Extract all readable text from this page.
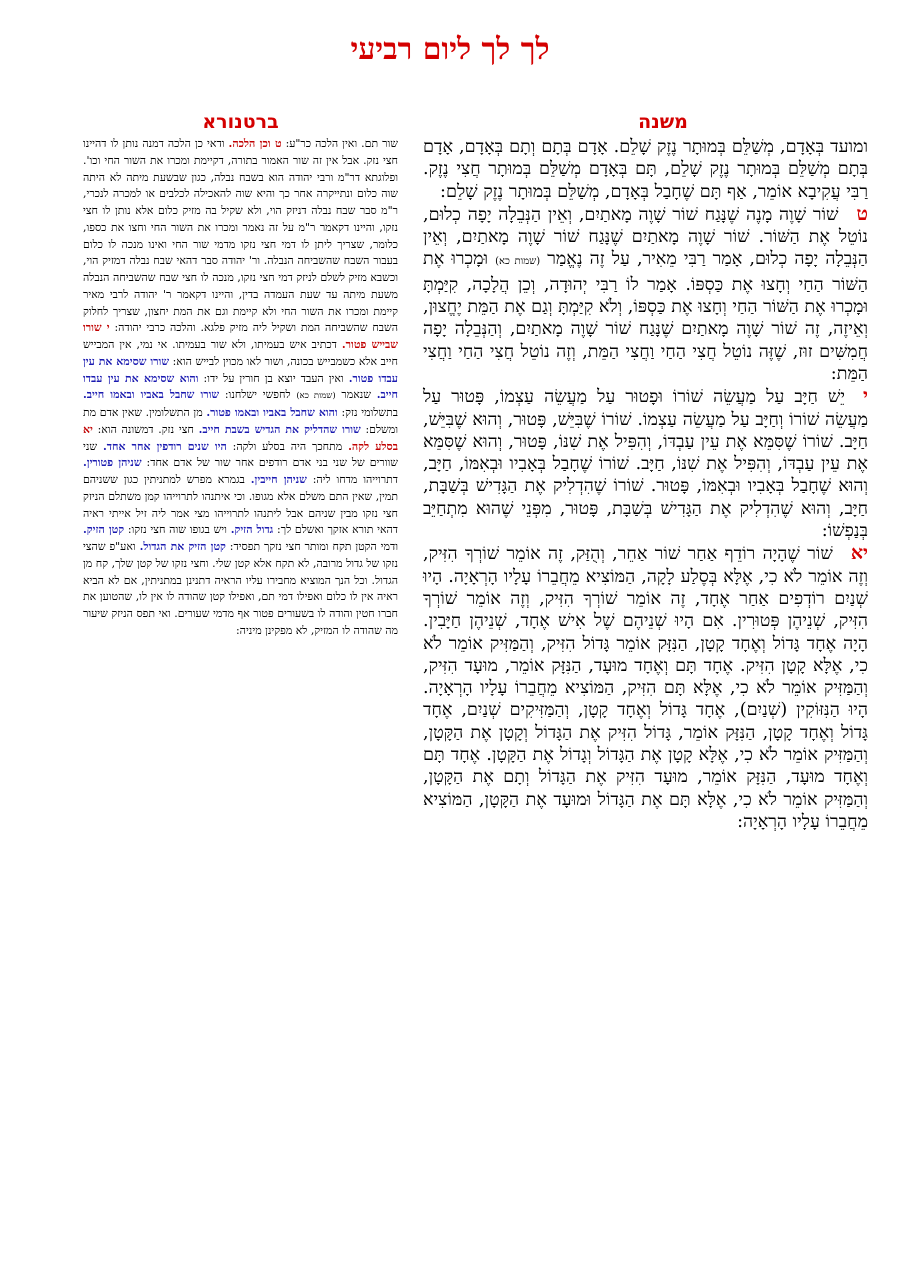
לך לך ליום רביעי
משנה
ברטנורא

שור תם. ואין הלכה כר"ע: ט וכן הלכה. ודאי כן הלכה דמנה נותן לו דהיינו חצי נזק. אבל אין זה שור האמור בתורה, דקיימת ומכרו את השור החי וכו'. ופלוגתא דר"מ ורבי יהודה הוא בשבח נבלה, כגון שבשעת מיתה לא היתה שוה כלום ונתייקרה אחר כך והיא שוה להאכילה לכלבים או למכרה לנכרי, ר"מ סבר שבח נבלה דניזק הוי, ולא שקיל בה מזיק כלום אלא נותן לו חצי נזקו, והיינו דקאמר ר"מ על זה נאמר ומכרו את השור החי וחצו את כספו, כלומר, שצריך ליתן לו דמי חצי נזקו מדמי שור החי ואינו מנכה לו כלום בעבור השבח שהשביחה הנבלה. ור' יהודה סבר דהאי שבח נבלה דמזיק הוי, וכשבא מזיק לשלם לניזק דמי חצי נזקו, מנכה לו חצי שבח שהשביחה הנבלה משעת מיתה עד שעת העמדה בדין, והיינו דקאמר ר' יהודה לרבי מאיר קיימת ומכרו את השור החי ולא קיימת וגם את המת יחצון, שצריך לחלוק השבח שהשביחה המת ושקיל ליה מזיק פלגא. והלכה כרבי יהודה: י שורו שבייש פטור. דכתיב איש בעמיתו, ולא שור בעמיתו. אי נמי, אין המבייש חייב אלא כשמבייש בכונה, ושור לאו מכוין לבייש הוא: שורו שסימא את עין עבדו פטור. ואין העבד יוצא בן חורין על ידו: והוא שסימא את עין עבדו חייב. שנאמר (שמות כא) לחפשי ישלחנו: שורו שחבל באביו ובאמו חייב. בתשלומי נזק: והוא שחבל באביו ובאמו פטור. מן התשלומין. שאין אדם מת ומשלם: שורו שהדליק את הגדיש בשבת חייב. חצי נזק. דמשונה הוא: יא בסלע לקה. מתחכך היה בסלע ולקה: היו שנים רודפין אחר אחד. שני שוורים של שני בני אדם רודפים אחר שור של אדם אחד: שניהן פטורין. דתרוייהו מדחו ליה: שניהן חייבין. בגמרא מפרש למתניתין כגון ששניהם תמין, שאין התם משלם אלא מגופו. וכי איתנהו לתרוייהו קמן משתלם הניזק חצי נזקו מבין שניהם אבל ליתנהו לתרוייהו מצי אמר ליה זיל אייתי ראיה דהאי תורא אזקך ואשלם לך: גדול הזיק. ויש בגופו שוה חצי נזקו: קטן הזיק. ודמי הקטן תקח ומותר חצי נזקך תפסיד: קטן הזיק את הגדול. ואע"פ שהצי נזקו של גדול מרובה, לא תקח אלא קטן שלי. וחצי נזקו של קטן שלך, קח מן הגדול. וכל הנך המוציא מחבירו עליו הראיה דתנינן במתניתין, אם לא הביא ראיה אין לו כלום ואפילו דמי תם, ואפילו קטן שהודה לו אין לו, שהטוען את חברו חטין והודה לו בשעורים פטור אף מדמי שעורים. ואי תפס הניזק שיעור מה שהודה לו המזיק, לא מפקינן מיניה:

ומועד בְּאָדָם, מְשַׁלֵּם בְּמוּתָר נֶזֶק שָׁלֵם. אָדָם בְּתָם וְתָם בְּאָדָם, אָדָם בְּתָם מְשַׁלֵּם בְּמוּתָר נֶזֶק שָׁלֵם, תָּם בְּאָדָם מְשַׁלֵּם בְּמוּתָר חֲצִי נֶזֶק. רַבִּי עֲקִיבָא אוֹמֵר, אַף תָּם שֶׁחָבַל בְּאָדָם, מְשַׁלֵּם בְּמוּתָר נֶזֶק שָׁלֵם:

טשׁוֹר שָׁוֶה מָנֶה שֶׁנָּגַח שׁוֹר שָׁוֶה מָאתַיִם, וְאֵין הַנְּבֵלָה יָפָה כְלוּם, נוֹטֵל אֶת הַשּׁוֹר. שׁוֹר שָׁוֶה מָאתַיִם שֶׁנָּגַח שׁוֹר שָׁוֶה מָאתַיִם, וְאֵין הַנְּבֵלָה יָפָה כְלוּם, אָמַר רַבִּי מֵאִיר, עַל זֶה נֶאֱמַר (שמות כא) וּמָכְרוּ אֶת הַשּׁוֹר הַחַי וְחָצוּ אֶת כַּסְפּוֹ. אָמַר לוֹ רַבִּי יְהוּדָה, וְכֵן הֲלָכָה, קִיַּמְתָּ וּמָכְרוּ אֶת הַשּׁוֹר הַחַי וְחָצוּ אֶת כַּסְפּוֹ, וְלֹא קִיַּמְתָּ וְגַם אֶת הַמֵּת יֶחֱצוּן, וְאֵיזֶה, זֶה שׁוֹר שָׁוֶה מָאתַיִם שֶׁנָּגַח שׁוֹר שָׁוֶה מָאתַיִם, וְהַנְּבֵלָה יָפָה חֲמִשִּׁים זוּז, שֶׁזֶּה נוֹטֵל חֲצִי הַחַי וַחֲצִי הַמֵּת, וְזֶה נוֹטֵל חֲצִי הַחַי וַחֲצִי הַמֵּת:

ייֵשׁ חַיָּב עַל מַעֲשֵׂה שׁוֹרוֹ וּפָטוּר עַל מַעֲשֵׂה עַצְמוֹ, פָּטוּר עַל מַעֲשֵׂה שׁוֹרוֹ וְחַיָּב עַל מַעֲשֵׂה עַצְמוֹ. שׁוֹרוֹ שֶׁבִּיֵּשׁ, פָּטוּר, וְהוּא שֶׁבִּיֵּשׁ, חַיָּב. שׁוֹרוֹ שֶׁסִּמֵּא אֶת עֵין עַבְדּוֹ, וְהִפִּיל אֶת שִׁנּוֹ, פָּטוּר, וְהוּא שֶׁסִּמֵּא אֶת עֵין עַבְדּוֹ, וְהִפִּיל אֶת שִׁנּוֹ, חַיָּב. שׁוֹרוֹ שֶׁחָבַל בְּאָבִיו וּבְאִמּוֹ, חַיָּב, וְהוּא שֶׁחָבַל בְּאָבִיו וּבְאִמּוֹ, פָּטוּר. שׁוֹרוֹ שֶׁהִדְלִיק אֶת הַגָּדִישׁ בְּשַׁבָּת, חַיָּב, וְהוּא שֶׁהִדְלִיק אֶת הַגָּדִישׁ בְּשַׁבָּת, פָּטוּר, מִפְּנֵי שֶׁהוּא מִתְחַיֵּב בְּנַפְשׁוֹ:

יאשׁוֹר שֶׁהָיָה רוֹדֵף אַחַר שׁוֹר אַחֵר, וְהֻזַּק, זֶה אוֹמֵר שׁוֹרְךָ הִזִּיק, וְזֶה אוֹמֵר לֹא כִי, אֶלָּא בְּסֶלַע לָקָה, הַמּוֹצִיא מֵחֲבֵרוֹ עָלָיו הָרְאָיָה. הָיוּ שְׁנַיִם רוֹדְפִים אַחַר אֶחָד, זֶה אוֹמֵר שׁוֹרְךָ הִזִּיק, וְזֶה אוֹמֵר שׁוֹרְךָ הִזִּיק, שְׁנֵיהֶן פְּטוּרִין. אִם הָיוּ שְׁנֵיהֶם שֶׁל אִישׁ אֶחָד, שְׁנֵיהֶן חַיָּבִין. הָיָה אֶחָד גָּדוֹל וְאֶחָד קָטָן, הַנִּזָּק אוֹמֵר גָּדוֹל הִזִּיק, וְהַמַּזִּיק אוֹמֵר לֹא כִי, אֶלָּא קָטָן הִזִּיק. אֶחָד תָּם וְאֶחָד מוּעָד, הַנִּזָּק אוֹמֵר, מוּעָד הִזִּיק, וְהַמַּזִּיק אוֹמֵר לֹא כִי, אֶלָּא תָּם הִזִּיק, הַמּוֹצִיא מֵחֲבֵרוֹ עָלָיו הָרְאָיָה. הָיוּ הַנִּזּוֹקִין (שְׁנַיִם), אֶחָד גָּדוֹל וְאֶחָד קָטָן, וְהַמַּזִּיקִים שְׁנַיִם, אֶחָד גָּדוֹל וְאֶחָד קָטָן, הַנִּזָּק אוֹמֵר, גָּדוֹל הִזִּיק אֶת הַגָּדוֹל וְקָטָן אֶת הַקָּטָן, וְהַמַּזִּיק אוֹמֵר לֹא כִי, אֶלָּא קָטָן אֶת הַגָּדוֹל וְגָדוֹל אֶת הַקָּטָן. אֶחָד תָּם וְאֶחָד מוּעָד, הַנִּזָּק אוֹמֵר, מוּעָד הִזִּיק אֶת הַגָּדוֹל וְתָם אֶת הַקָּטָן, וְהַמַּזִּיק אוֹמֵר לֹא כִי, אֶלָּא תָּם אֶת הַגָּדוֹל וּמוּעָד אֶת הַקָּטָן, הַמּוֹצִיא מֵחֲבֵרוֹ עָלָיו הָרְאָיָה:
